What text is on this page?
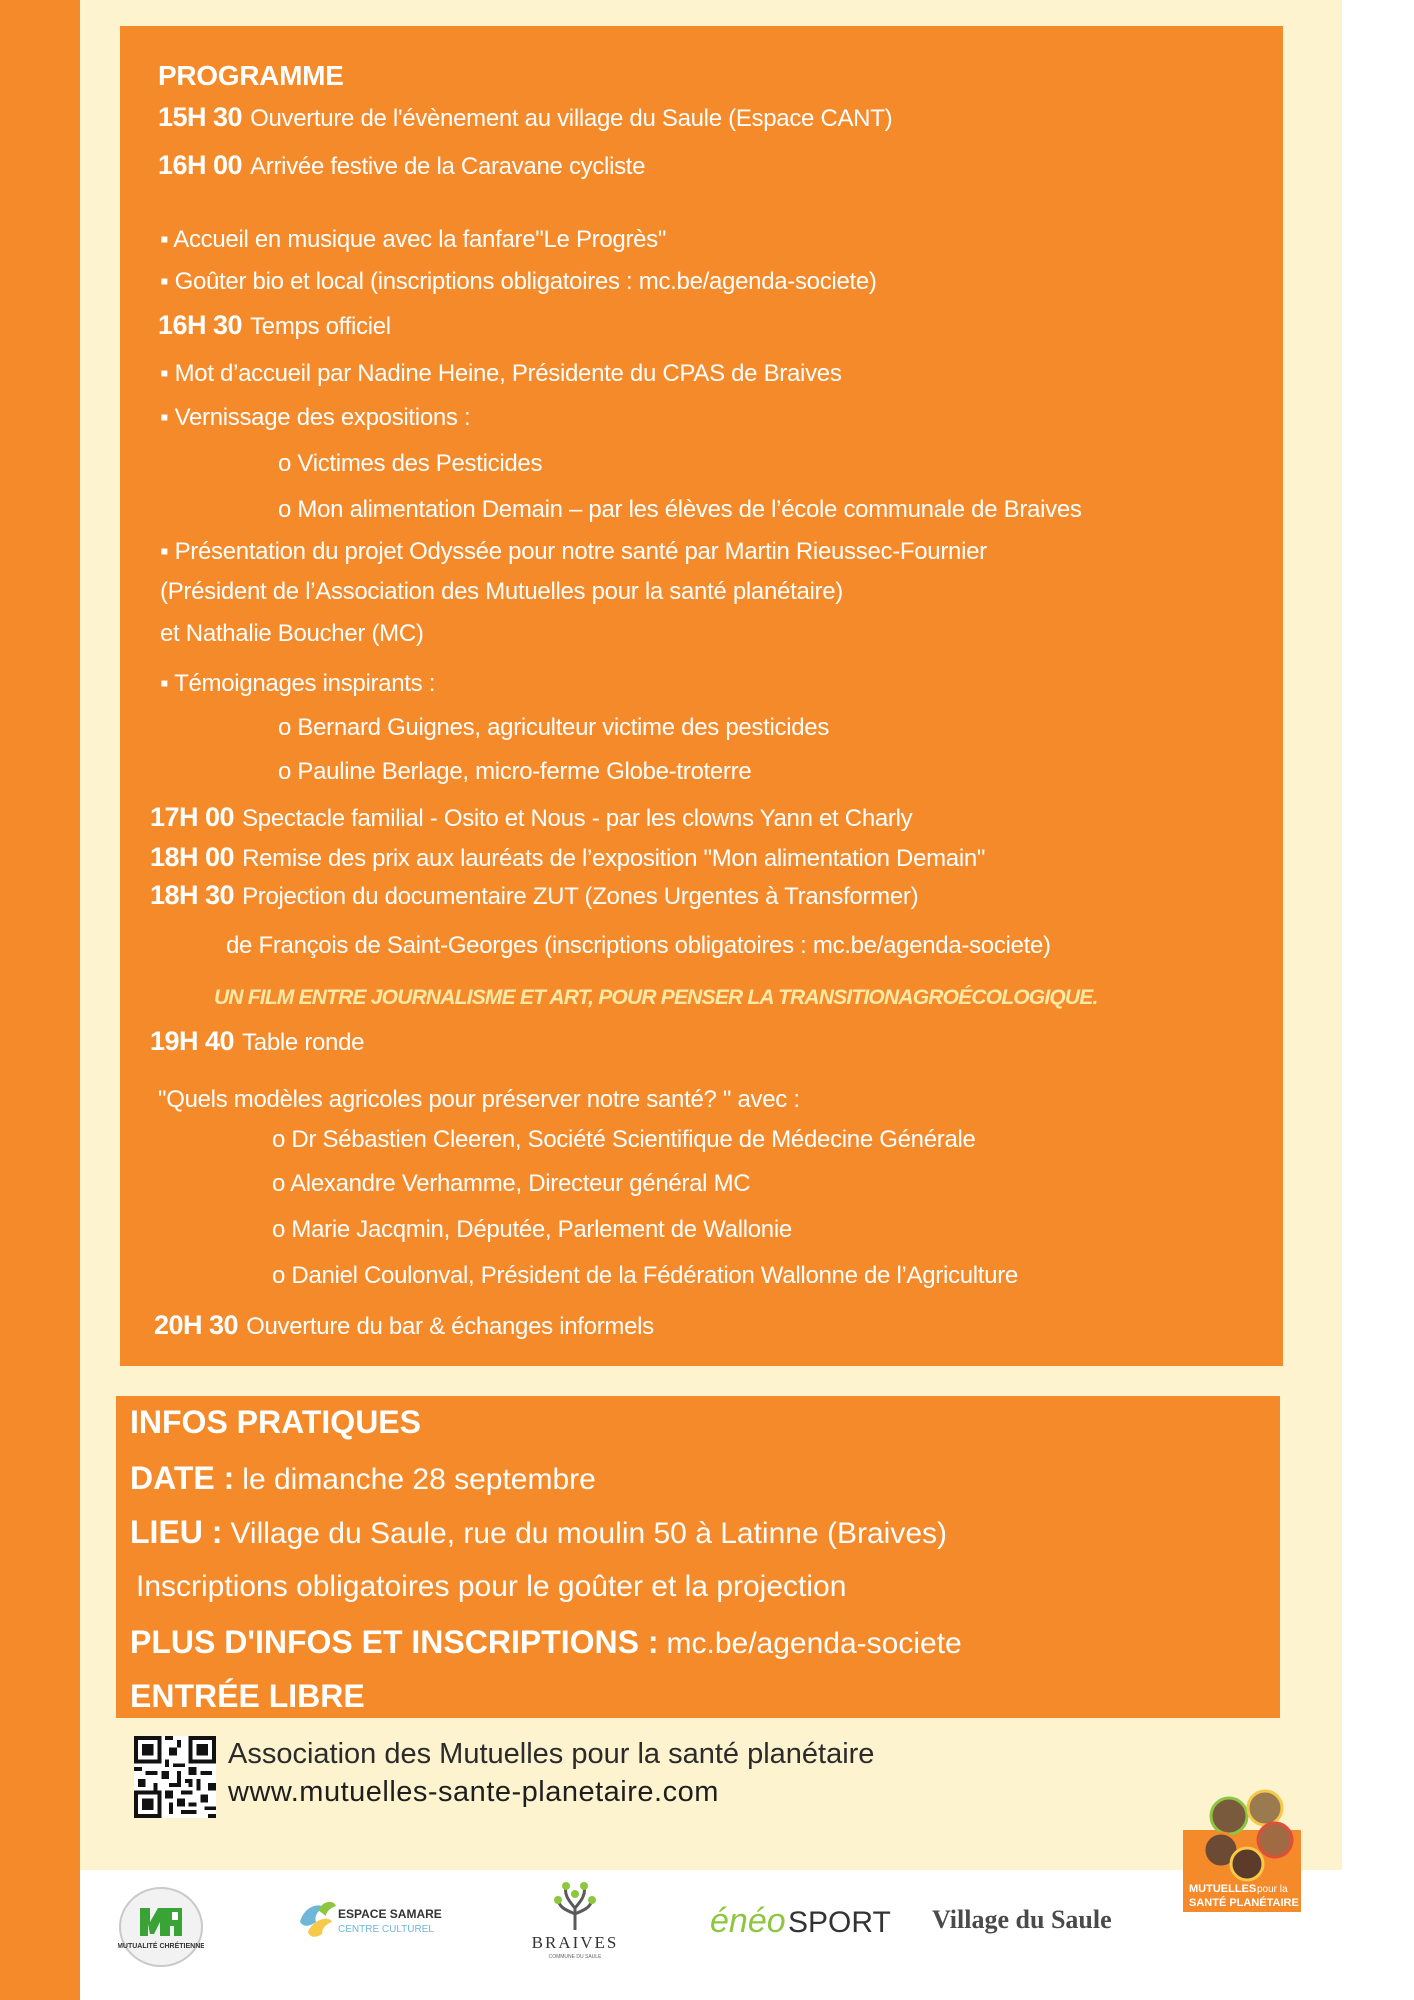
PROGRAMME
15H 30 Ouverture de l'évènement au village du Saule (Espace CANT)
16H 00 Arrivée festive de la Caravane cycliste
▪ Accueil en musique avec la fanfare"Le Progrès"
▪ Goûter bio et local (inscriptions obligatoires : mc.be/agenda-societe)
16H 30 Temps officiel
▪ Mot d’accueil par Nadine Heine, Présidente du CPAS de Braives
▪ Vernissage des expositions :
o Victimes des Pesticides
o Mon alimentation Demain – par les élèves de l’école communale de Braives
▪ Présentation du projet Odyssée pour notre santé par Martin Rieussec-Fournier
(Président de l’Association des Mutuelles pour la santé planétaire)
et Nathalie Boucher (MC)
▪ Témoignages inspirants :
o Bernard Guignes, agriculteur victime des pesticides
o Pauline Berlage, micro-ferme Globe-troterre
17H 00 Spectacle familial - Osito et Nous - par les clowns Yann et Charly
18H 00 Remise des prix aux lauréats de l’exposition "Mon alimentation Demain"
18H 30 Projection du documentaire ZUT (Zones Urgentes à Transformer)
de François de Saint-Georges (inscriptions obligatoires : mc.be/agenda-societe)
UN FILM ENTRE JOURNALISME ET ART, POUR PENSER LA TRANSITIONAGROÉCOLOGIQUE.
19H 40 Table ronde
"Quels modèles agricoles pour préserver notre santé? " avec :
o Dr Sébastien Cleeren, Société Scientifique de Médecine Générale
o Alexandre Verhamme, Directeur général MC
o Marie Jacqmin, Députée, Parlement de Wallonie
o Daniel Coulonval, Président de la Fédération Wallonne de l’Agriculture
20H 30 Ouverture du bar & échanges informels
INFOS PRATIQUES
DATE : le dimanche 28 septembre
LIEU : Village du Saule, rue du moulin 50 à Latinne (Braives)
Inscriptions obligatoires pour le goûter et la projection
PLUS D'INFOS ET INSCRIPTIONS : mc.be/agenda-societe
ENTRÉE LIBRE
Association des Mutuelles pour la santé planétaire
www.mutuelles-sante-planetaire.com
MUTUALITÉ CHRÉTIENNE
ESPACE SAMARE
CENTRE CULTUREL
BRAIVES
COMMUNE DU SAULE
énéo SPORT Village du Saule
MUTUELLES pour la
SANTÉ PLANÉTAIRE
